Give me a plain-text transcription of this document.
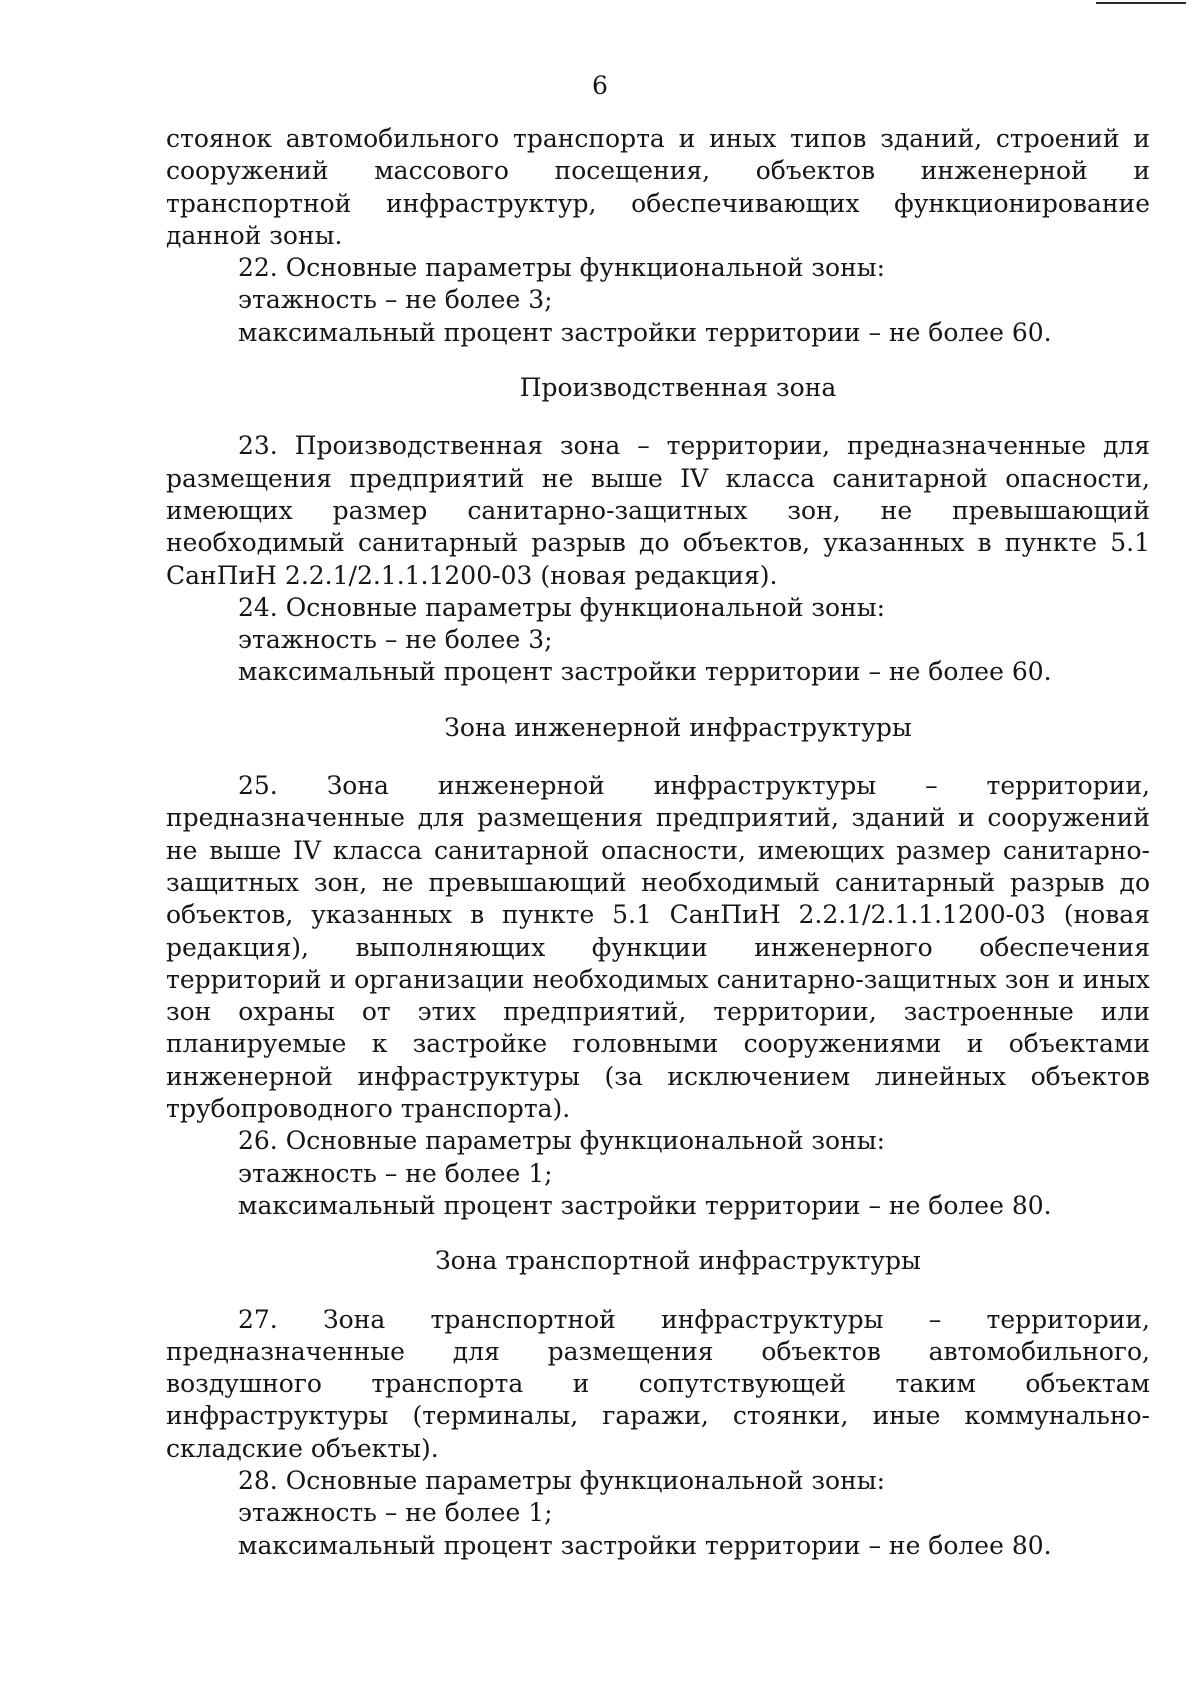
6

стоянок автомобильного транспорта и иных типов зданий, строений и сооружений массового посещения, объектов инженерной и транспортной инфраструктур, обеспечивающих функционирование данной зоны.

22. Основные параметры функциональной зоны:

этажность – не более 3;

максимальный процент застройки территории – не более 60.

Производственная зона

23. Производственная зона – территории, предназначенные для размещения предприятий не выше IV класса санитарной опасности, имеющих размер санитарно-защитных зон, не превышающий необходимый санитарный разрыв до объектов, указанных в пункте 5.1 СанПиН 2.2.1/2.1.1.1200-03 (новая редакция).

24. Основные параметры функциональной зоны:

этажность – не более 3;

максимальный процент застройки территории – не более 60.

Зона инженерной инфраструктуры

25. Зона инженерной инфраструктуры – территории, предназначенные для размещения предприятий, зданий и сооружений не выше IV класса санитарной опасности, имеющих размер санитарно-защитных зон, не превышающий необходимый санитарный разрыв до объектов, указанных в пункте 5.1 СанПиН 2.2.1/2.1.1.1200-03 (новая редакция), выполняющих функции инженерного обеспечения территорий и организации необходимых санитарно-защитных зон и иных зон охраны от этих предприятий, территории, застроенные или планируемые к застройке головными сооружениями и объектами инженерной инфраструктуры (за исключением линейных объектов трубопроводного транспорта).

26. Основные параметры функциональной зоны:

этажность – не более 1;

максимальный процент застройки территории – не более 80.

Зона транспортной инфраструктуры

27. Зона транспортной инфраструктуры – территории, предназначенные для размещения объектов автомобильного, воздушного транспорта и сопутствующей таким объектам инфраструктуры (терминалы, гаражи, стоянки, иные коммунально-складские объекты).

28. Основные параметры функциональной зоны:

этажность – не более 1;

максимальный процент застройки территории – не более 80.
